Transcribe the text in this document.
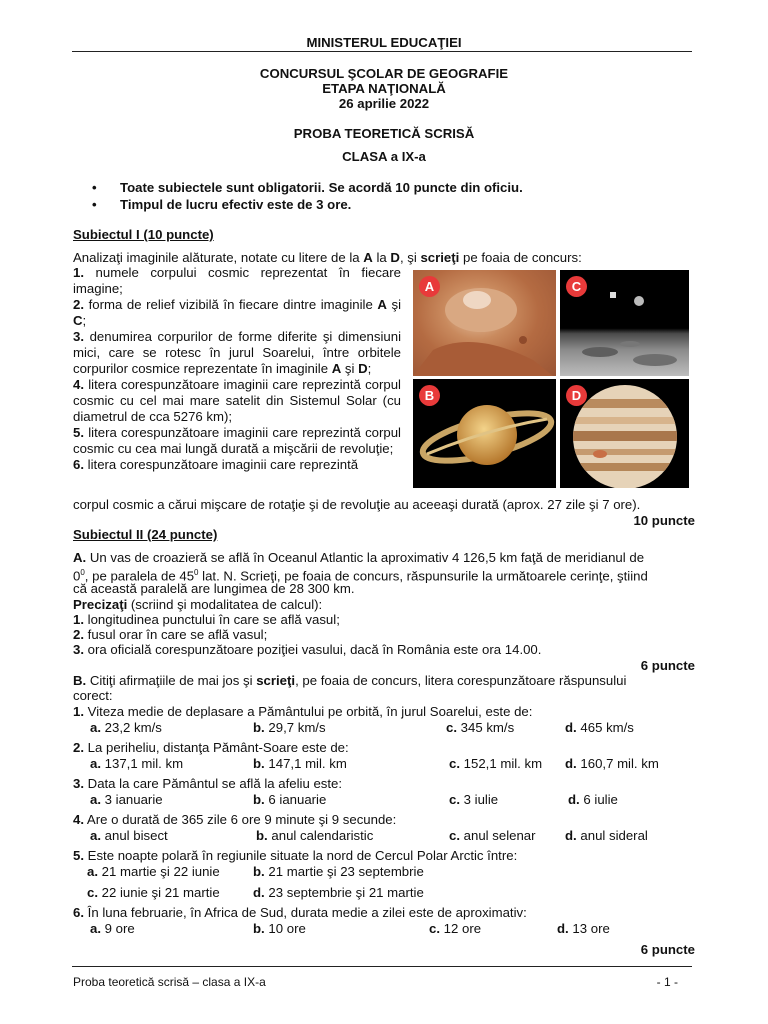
MINISTERUL EDUCAŢIEI
CONCURSUL ŞCOLAR DE GEOGRAFIE
ETAPA NAŢIONALĂ
26 aprilie 2022
PROBA TEORETICĂ SCRISĂ
CLASA a IX-a
• Toate subiectele sunt obligatorii. Se acordă 10 puncte din oficiu.
• Timpul de lucru efectiv este de 3 ore.
Subiectul I (10 puncte)
Analizaţi imaginile alăturate, notate cu litere de la A la D, şi scrieţi pe foaia de concurs:
1. numele corpului cosmic reprezentat în fiecare imagine;
2. forma de relief vizibilă în fiecare dintre imaginile A şi C;
3. denumirea corpurilor de forme diferite şi dimensiuni mici, care se rotesc în jurul Soarelui, între orbitele corpurilor cosmice reprezentate în imaginile A şi D;
4. litera corespunzătoare imaginii care reprezintă corpul cosmic cu cel mai mare satelit din Sistemul Solar (cu diametrul de cca 5276 km);
5. litera corespunzătoare imaginii care reprezintă corpul cosmic cu cea mai lungă durată a mişcării de revoluţie;
6. litera corespunzătoare imaginii care reprezintă
corpul cosmic a cărui mişcare de rotaţie şi de revoluţie au aceeaşi durată (aprox. 27 zile şi 7 ore).
10 puncte
A	C
B	D
Subiectul II (24 puncte)
A. Un vas de croazieră se află în Oceanul Atlantic la aproximativ 4 126,5 km faţă de meridianul de
$0^0$, pe paralela de $45^0$ lat. N. Scrieţi, pe foaia de concurs, răspunsurile la următoarele cerinţe, ştiind
că această paralelă are lungimea de 28 300 km.
Precizaţi (scriind şi modalitatea de calcul):
1. longitudinea punctului în care se află vasul;
2. fusul orar în care se află vasul;
3. ora oficială corespunzătoare poziţiei vasului, dacă în România este ora 14.00.
6 puncte
B. Citiţi afirmaţiile de mai jos şi scrieţi, pe foaia de concurs, litera corespunzătoare răspunsului
corect:
1. Viteza medie de deplasare a Pământului pe orbită, în jurul Soarelui, este de:
a. 23,2 km/s	b. 29,7 km/s	c. 345 km/s	d. 465 km/s
2. La periheliu, distanţa Pământ-Soare este de:
a. 137,1 mil. km	b. 147,1 mil. km	c. 152,1 mil. km d. 160,7 mil. km
3. Data la care Pământul se află la afeliu este:
a. 3 ianuarie	b. 6 ianuarie	c. 3 iulie	d. 6 iulie
4. Are o durată de 365 zile 6 ore 9 minute şi 9 secunde:
a. anul bisect	b. anul calendaristic	c. anul selenar d. anul sideral
5. Este noapte polară în regiunile situate la nord de Cercul Polar Arctic între:
a. 21 martie şi 22 iunie	b. 21 martie şi 23 septembrie
c. 22 iunie şi 21 martie	d. 23 septembrie şi 21 martie
6. În luna februarie, în Africa de Sud, durata medie a zilei este de aproximativ:
a. 9 ore	b. 10 ore	c. 12 ore	d. 13 ore
6 puncte
Proba teoretică scrisă – clasa a IX-a	- 1 -
